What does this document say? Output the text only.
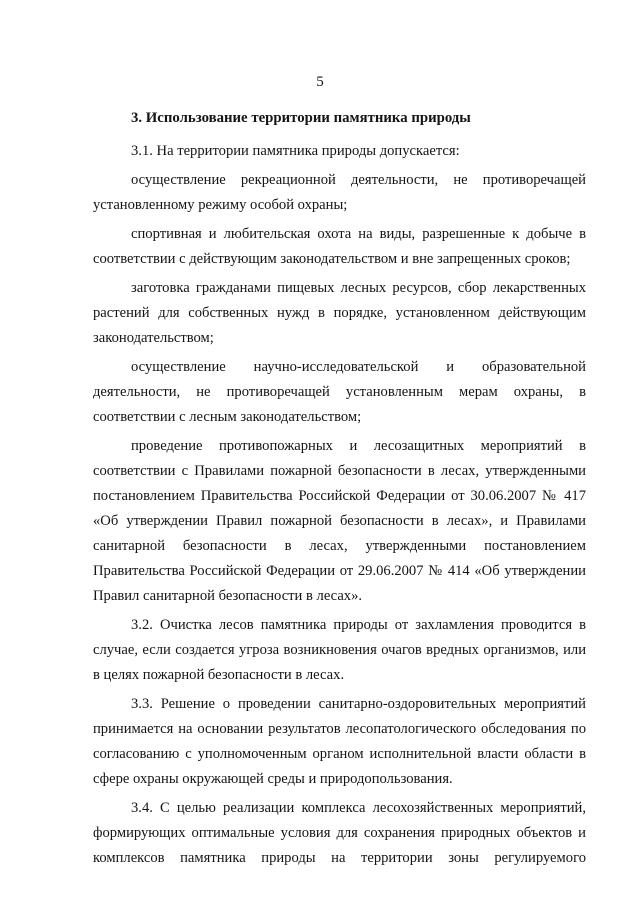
5
3. Использование территории памятника природы

3.1. На территории памятника природы допускается:

осуществление рекреационной деятельности, не противоречащей установленному режиму особой охраны;

спортивная и любительская охота на виды, разрешенные к добыче в соответствии с действующим законодательством и вне запрещенных сроков;

заготовка гражданами пищевых лесных ресурсов, сбор лекарственных растений для собственных нужд в порядке, установленном действующим законодательством;

осуществление научно-исследовательской и образовательной деятельности, не противоречащей установленным мерам охраны, в соответствии с лесным законодательством;

проведение противопожарных и лесозащитных мероприятий в соответствии с Правилами пожарной безопасности в лесах, утвержденными постановлением Правительства Российской Федерации от 30.06.2007 № 417 «Об утверждении Правил пожарной безопасности в лесах», и Правилами санитарной безопасности в лесах, утвержденными постановлением Правительства Российской Федерации от 29.06.2007 № 414 «Об утверждении Правил санитарной безопасности в лесах».

3.2. Очистка лесов памятника природы от захламления проводится в случае, если создается угроза возникновения очагов вредных организмов, или в целях пожарной безопасности в лесах.

3.3. Решение о проведении санитарно-оздоровительных мероприятий принимается на основании результатов лесопатологического обследования по согласованию с уполномоченным органом исполнительной власти области в сфере охраны окружающей среды и природопользования.

3.4. С целью реализации комплекса лесохозяйственных мероприятий, формирующих оптимальные условия для сохранения природных объектов и комплексов памятника природы на территории зоны регулируемого
